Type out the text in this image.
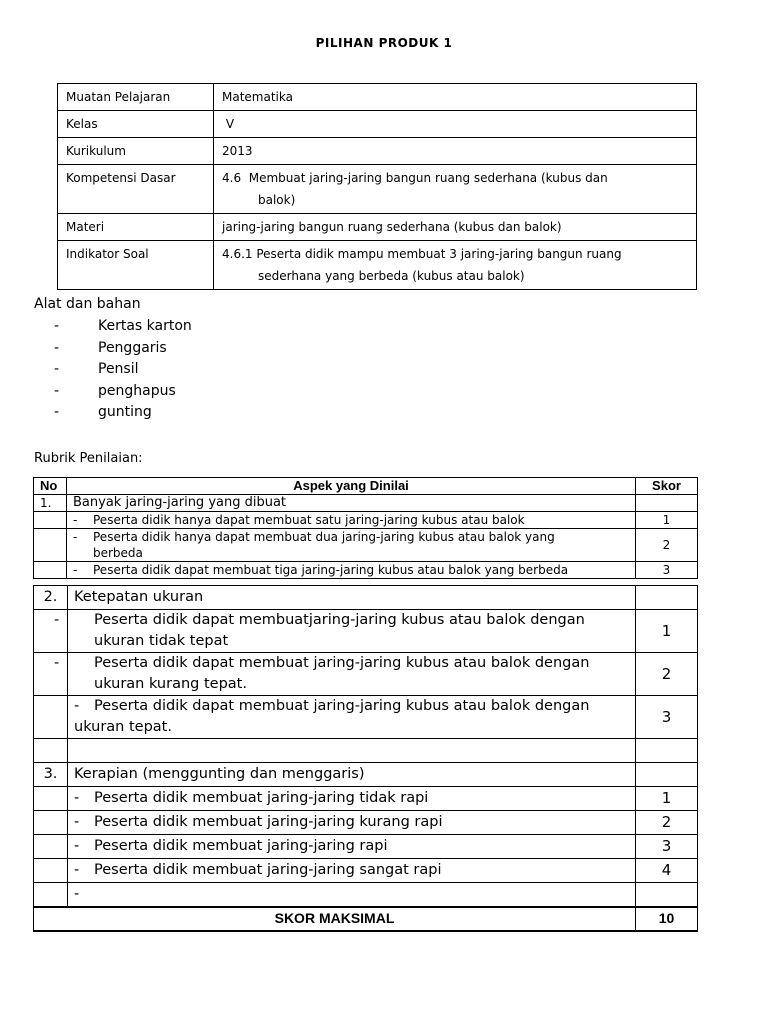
PILIHAN PRODUK 1
Muatan Pelajaran	Matematika
Kelas	V
Kurikulum	2013
Kompetensi Dasar	4.6  Membuat jaring-jaring bangun ruang sederhana (kubus dan
balok)

Materi	jaring-jaring bangun ruang sederhana (kubus dan balok)
Indikator Soal	4.6.1 Peserta didik mampu membuat 3 jaring-jaring bangun ruang
sederhana yang berbeda (kubus atau balok)
Alat dan bahan
-	Kertas karton
-	Penggaris
-	Pensil
-	penghapus
-	gunting
Rubrik Penilaian:
No	Aspek yang Dinilai	Skor
1.	Banyak jaring-jaring yang dibuat	
	- Peserta didik hanya dapat membuat satu jaring-jaring kubus atau balok	1
	- Peserta didik hanya dapat membuat dua jaring-jaring kubus atau balok yang
berbeda	2
	- Peserta didik dapat membuat tiga jaring-jaring kubus atau balok yang berbeda	3
2.	Ketepatan ukuran	

	- Peserta didik dapat membuatjaring-jaring kubus atau balok dengan ukuran tidak tepat	1

	- Peserta didik dapat membuat jaring-jaring kubus atau balok dengan ukuran kurang tepat.	2
	- Peserta didik dapat membuat jaring-jaring kubus atau balok dengan ukuran tepat.	3

3.	Kerapian (menggunting dan menggaris)	
	- Peserta didik membuat jaring-jaring tidak rapi	1
	- Peserta didik membuat jaring-jaring kurang rapi	2
	- Peserta didik membuat jaring-jaring rapi	3
	- Peserta didik membuat jaring-jaring sangat rapi	4
	-	
SKOR MAKSIMAL		10
